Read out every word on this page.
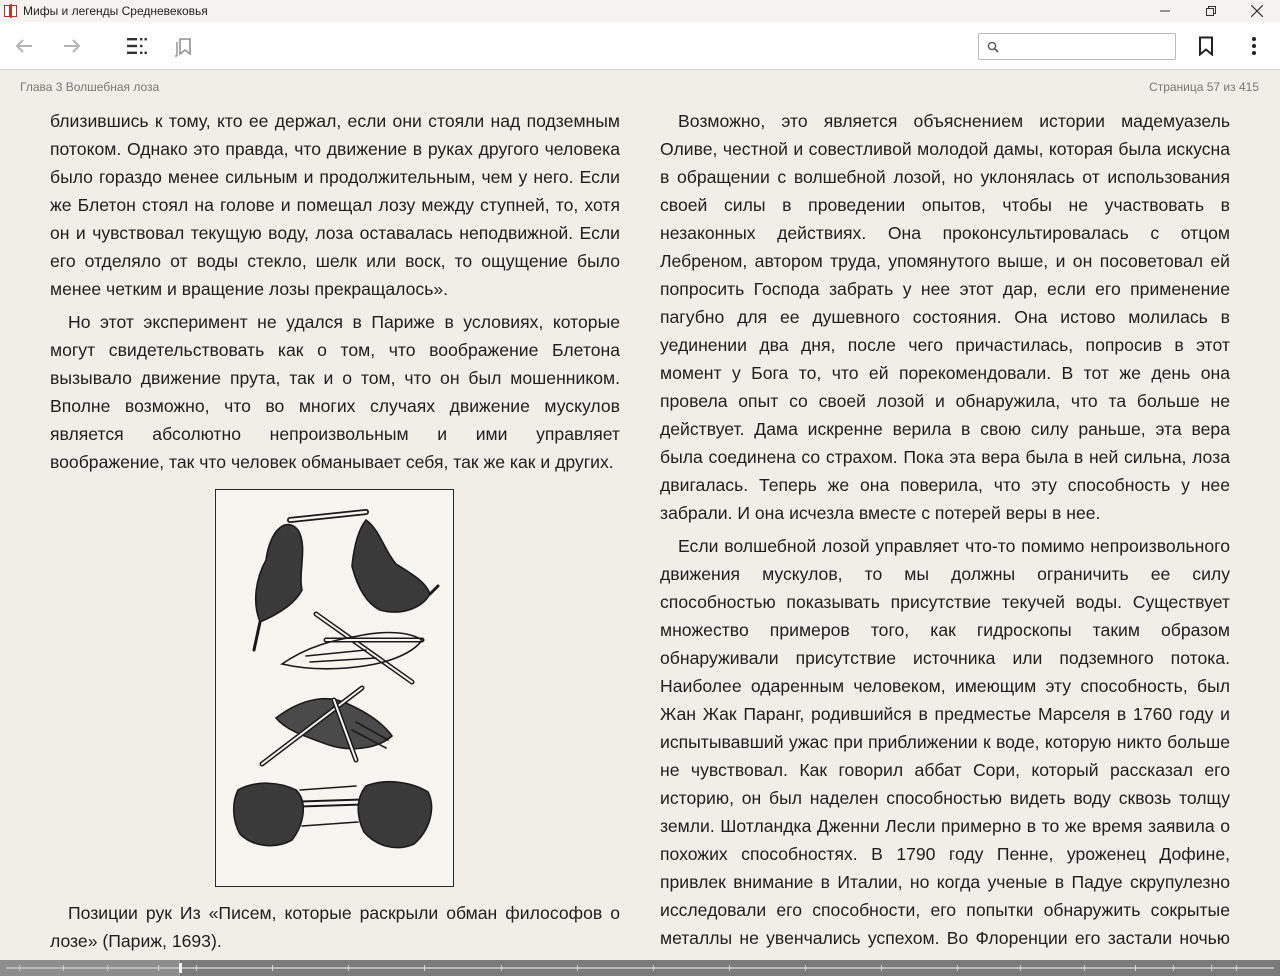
Мифы и легенды Средневековья
Глава 3 Волшебная лоза	Страница 57 из 415

близившись к тому, кто ее держал, если они стояли над подземным потоком. Однако это правда, что движение в руках другого человека было гораздо менее сильным и продолжительным, чем у него. Если же Блетон стоял на голове и помещал лозу между ступней, то, хотя он и чувствовал текущую воду, лоза оставалась неподвижной. Если его отделяло от воды стекло, шелк или воск, то ощущение было менее четким и вращение лозы прекращалось».

Но этот эксперимент не удался в Париже в условиях, которые могут свидетельствовать как о том, что воображение Блетона вызывало движение прута, так и о том, что он был мошенником. Вполне возможно, что во многих случаях движение мускулов является абсолютно непроизвольным и ими управляет воображение, так что человек обманывает себя, так же как и других.

Позиции рук Из «Писем, которые раскрыли обман философов о лозе» (Париж, 1693).

Возможно, это является объяснением истории мадемуазель Оливе, честной и совестливой молодой дамы, которая была искусна в обращении с волшебной лозой, но уклонялась от использования своей силы в проведении опытов, чтобы не участвовать в незаконных действиях. Она проконсультировалась с отцом Лебреном, автором труда, упомянутого выше, и он посоветовал ей попросить Господа забрать у нее этот дар, если его применение пагубно для ее душевного состояния. Она истово молилась в уединении два дня, после чего причастилась, попросив в этот момент у Бога то, что ей порекомендовали. В тот же день она провела опыт со своей лозой и обнаружила, что та больше не действует. Дама искренне верила в свою силу раньше, эта вера была соединена со страхом. Пока эта вера была в ней сильна, лоза двигалась. Теперь же она поверила, что эту способность у нее забрали. И она исчезла вместе с потерей веры в нее.

Если волшебной лозой управляет что-то помимо непроизвольного движения мускулов, то мы должны ограничить ее силу способностью показывать присутствие текучей воды. Существует множество примеров того, как гидроскопы таким образом обнаруживали присутствие источника или подземного потока. Наиболее одаренным человеком, имеющим эту способность, был Жан Жак Паранг, родившийся в предместье Марселя в 1760 году и испытывавший ужас при приближении к воде, которую никто больше не чувствовал. Как говорил аббат Сори, который рассказал его историю, он был наделен способностью видеть воду сквозь толщу земли. Шотландка Дженни Лесли примерно в то же время заявила о похожих способностях. В 1790 году Пенне, уроженец Дофине, привлек внимание в Италии, но когда ученые в Падуе скрупулезно исследовали его способности, его попытки обнаружить сокрытые металлы не увенчались успехом. Во Флоренции его застали ночью
